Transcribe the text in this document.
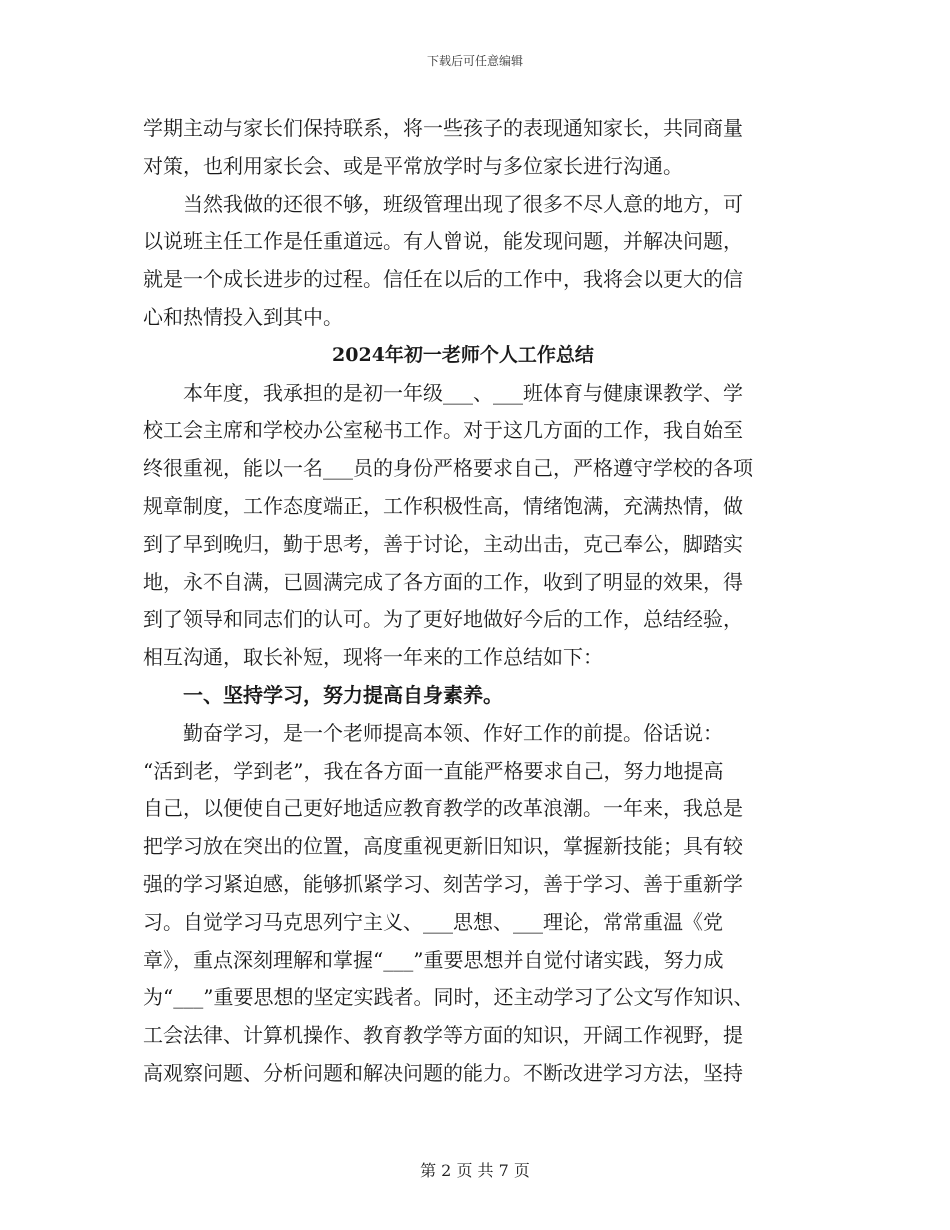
下载后可任意编辑
学期主动与家长们保持联系，将一些孩子的表现通知家长，共同商量
对策，也利用家长会、或是平常放学时与多位家长进行沟通。
当然我做的还很不够，班级管理出现了很多不尽人意的地方，可
以说班主任工作是任重道远。有人曾说，能发现问题，并解决问题，
就是一个成长进步的过程。信任在以后的工作中，我将会以更大的信
心和热情投入到其中。
2024年初一老师个人工作总结
本年度，我承担的是初一年级___、___班体育与健康课教学、学
校工会主席和学校办公室秘书工作。对于这几方面的工作，我自始至
终很重视，能以一名___员的身份严格要求自己，严格遵守学校的各项
规章制度，工作态度端正，工作积极性高，情绪饱满，充满热情，做
到了早到晚归，勤于思考，善于讨论，主动出击，克己奉公，脚踏实
地，永不自满，已圆满完成了各方面的工作，收到了明显的效果，得
到了领导和同志们的认可。为了更好地做好今后的工作，总结经验，
相互沟通，取长补短，现将一年来的工作总结如下：
一、坚持学习，努力提高自身素养。
勤奋学习，是一个老师提高本领、作好工作的前提。俗话说：
“活到老，学到老”，我在各方面一直能严格要求自己，努力地提高
自己，以便使自己更好地适应教育教学的改革浪潮。一年来，我总是
把学习放在突出的位置，高度重视更新旧知识，掌握新技能；具有较
强的学习紧迫感，能够抓紧学习、刻苦学习，善于学习、善于重新学
习。自觉学习马克思列宁主义、___思想、___理论，常常重温《党
章》，重点深刻理解和掌握“___”重要思想并自觉付诸实践，努力成
为“___”重要思想的坚定实践者。同时，还主动学习了公文写作知识、
工会法律、计算机操作、教育教学等方面的知识，开阔工作视野，提
高观察问题、分析问题和解决问题的能力。不断改进学习方法，坚持
第 2 页 共 7 页
